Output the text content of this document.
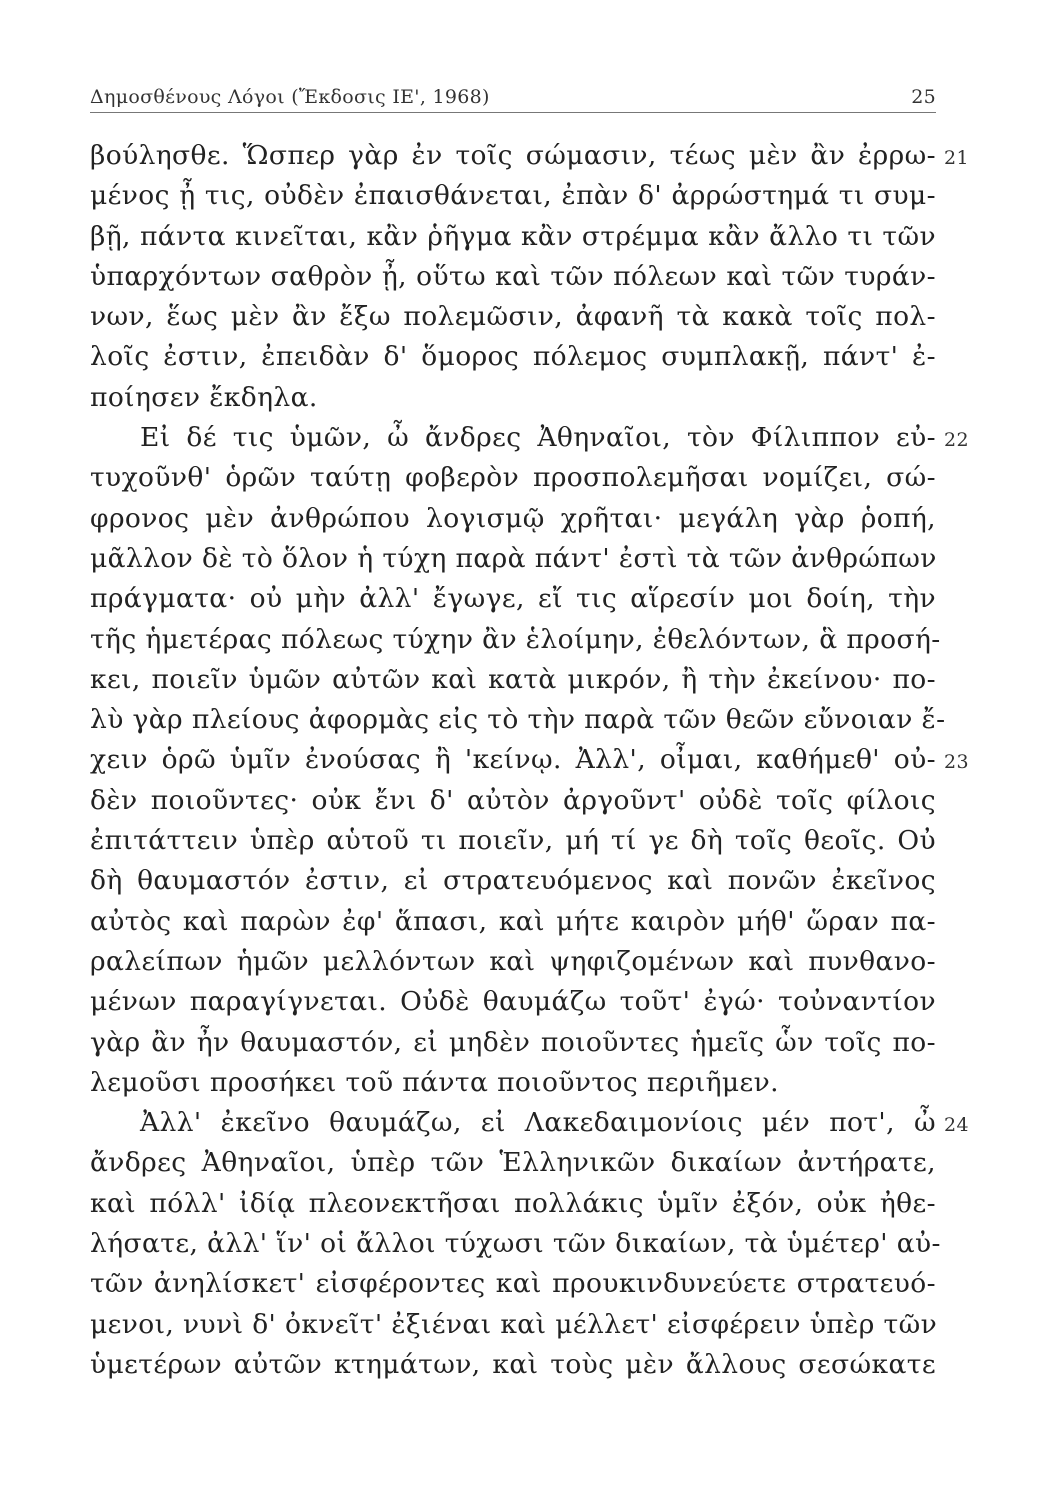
Δημοσθένους Λόγοι (Ἔκδοσις ΙΕ', 1968)	25
βούλησθε. Ὥσπερ γὰρ ἐν τοῖς σώμασιν, τέως μὲν ἂν ἐρρω- 21
μένος ᾖ τις, οὐδὲν ἐπαισθάνεται, ἐπὰν δ' ἀρρώστημά τι συμ-
βῇ, πάντα κινεῖται, κἂν ῥῆγμα κἂν στρέμμα κἂν ἄλλο τι τῶν
ὑπαρχόντων σαθρὸν ᾖ, οὕτω καὶ τῶν πόλεων καὶ τῶν τυράν-
νων, ἕως μὲν ἂν ἔξω πολεμῶσιν, ἀφανῆ τὰ κακὰ τοῖς πολ-
λοῖς ἐστιν, ἐπειδὰν δ' ὅμορος πόλεμος συμπλακῇ, πάντ' ἐ-
ποίησεν ἔκδηλα.
Εἰ δέ τις ὑμῶν, ὦ ἄνδρες Ἀθηναῖοι, τὸν Φίλιππον εὐ- 22
τυχοῦνθ' ὁρῶν ταύτῃ φοβερὸν προσπολεμῆσαι νομίζει, σώ-
φρονος μὲν ἀνθρώπου λογισμῷ χρῆται· μεγάλη γὰρ ῥοπή,
μᾶλλον δὲ τὸ ὅλον ἡ τύχη παρὰ πάντ' ἐστὶ τὰ τῶν ἀνθρώπων
πράγματα· οὐ μὴν ἀλλ' ἔγωγε, εἴ τις αἵρεσίν μοι δοίη, τὴν
τῆς ἡμετέρας πόλεως τύχην ἂν ἑλοίμην, ἐθελόντων, ἃ προσή-
κει, ποιεῖν ὑμῶν αὐτῶν καὶ κατὰ μικρόν, ἢ τὴν ἐκείνου· πο-
λὺ γὰρ πλείους ἀφορμὰς εἰς τὸ τὴν παρὰ τῶν θεῶν εὔνοιαν ἔ-
χειν ὁρῶ ὑμῖν ἐνούσας ἢ 'κείνῳ. Ἀλλ', οἶμαι, καθήμεθ' οὐ- 23
δὲν ποιοῦντες· οὐκ ἔνι δ' αὐτὸν ἀργοῦντ' οὐδὲ τοῖς φίλοις
ἐπιτάττειν ὑπὲρ αὑτοῦ τι ποιεῖν, μή τί γε δὴ τοῖς θεοῖς. Οὐ
δὴ θαυμαστόν ἐστιν, εἰ στρατευόμενος καὶ πονῶν ἐκεῖνος
αὐτὸς καὶ παρὼν ἐφ' ἅπασι, καὶ μήτε καιρὸν μήθ' ὥραν πα-
ραλείπων ἡμῶν μελλόντων καὶ ψηφιζομένων καὶ πυνθανο-
μένων παραγίγνεται. Οὐδὲ θαυμάζω τοῦτ' ἐγώ· τοὐναντίον
γὰρ ἂν ἦν θαυμαστόν, εἰ μηδὲν ποιοῦντες ἡμεῖς ὧν τοῖς πο-
λεμοῦσι προσήκει τοῦ πάντα ποιοῦντος περιῆμεν.
Ἀλλ' ἐκεῖνο θαυμάζω, εἰ Λακεδαιμονίοις μέν ποτ', ὦ 24
ἄνδρες Ἀθηναῖοι, ὑπὲρ τῶν Ἑλληνικῶν δικαίων ἀντήρατε,
καὶ πόλλ' ἰδίᾳ πλεονεκτῆσαι πολλάκις ὑμῖν ἐξόν, οὐκ ἠθε-
λήσατε, ἀλλ' ἵν' οἱ ἄλλοι τύχωσι τῶν δικαίων, τὰ ὑμέτερ' αὐ-
τῶν ἀνηλίσκετ' εἰσφέροντες καὶ προυκινδυνεύετε στρατευό-
μενοι, νυνὶ δ' ὀκνεῖτ' ἐξιέναι καὶ μέλλετ' εἰσφέρειν ὑπὲρ τῶν
ὑμετέρων αὐτῶν κτημάτων, καὶ τοὺς μὲν ἄλλους σεσώκατε
